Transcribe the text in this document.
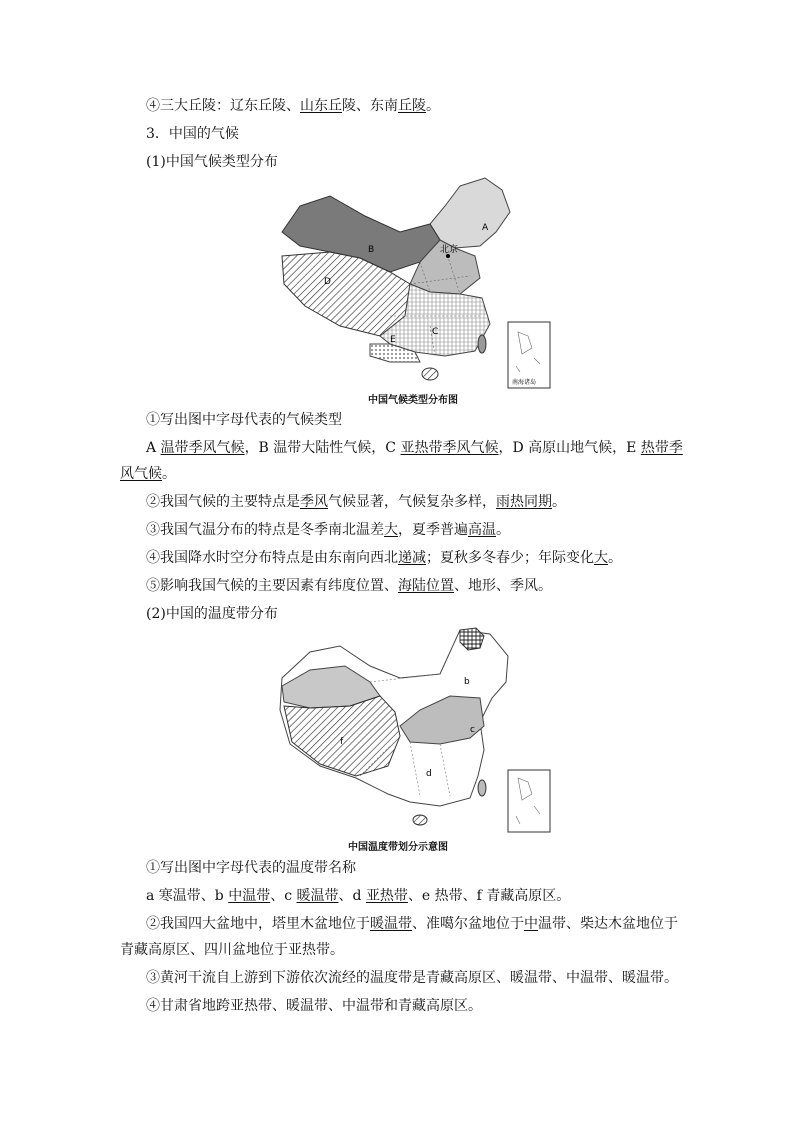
④三大丘陵：辽东丘陵、山东丘陵、东南丘陵。
3．中国的气候
(1)中国气候类型分布
A
B	北京
D
C
E
南海诸岛
中国气候类型分布图
①写出图中字母代表的气候类型
A 温带季风气候，B 温带大陆性气候，C 亚热带季风气候，D 高原山地气候，E 热带季
风气候。
②我国气候的主要特点是季风气候显著，气候复杂多样，雨热同期。
③我国气温分布的特点是冬季南北温差大，夏季普遍高温。
④我国降水时空分布特点是由东南向西北递减；夏秋多冬春少；年际变化大。
⑤影响我国气候的主要因素有纬度位置、海陆位置、地形、季风。
(2)中国的温度带分布
b
c
f
d
中国温度带划分示意图
①写出图中字母代表的温度带名称
a 寒温带、b 中温带、c 暖温带、d 亚热带、e 热带、f 青藏高原区。
②我国四大盆地中，塔里木盆地位于暖温带、准噶尔盆地位于中温带、柴达木盆地位于
青藏高原区、四川盆地位于亚热带。
③黄河干流自上游到下游依次流经的温度带是青藏高原区、暖温带、中温带、暖温带。
④甘肃省地跨亚热带、暖温带、中温带和青藏高原区。
